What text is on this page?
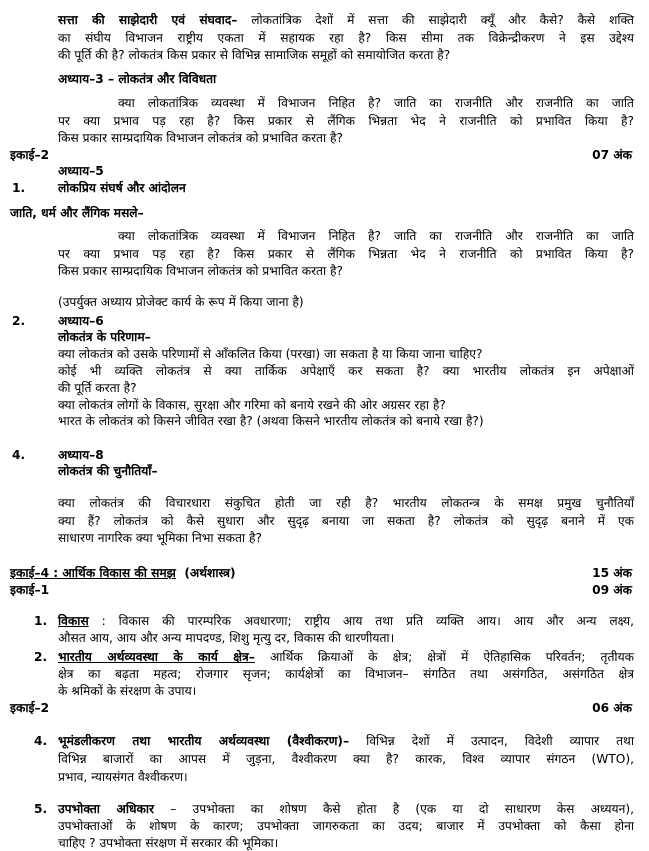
सत्ता की साझेदारी एवं संघवाद– लोकतांत्रिक देशों में सत्ता की साझेदारी क्यूँ और कैसे? कैसे शक्ति
का संघीय विभाजन राष्ट्रीय एकता में सहायक रहा है? किस सीमा तक विक्रेन्द्रीकरण ने इस उद्देश्य
की पूर्ति की है? लोकतंत्र किस प्रकार से विभिन्न सामाजिक समूहों को समायोजित करता है?
अध्याय–3 – लोकतंत्र और विविधता
क्या लोकतांत्रिक व्यवस्था में विभाजन निहित है? जाति का राजनीति और राजनीति का जाति
पर क्या प्रभाव पड़ रहा है? किस प्रकार से लैंगिक भिन्नता भेद ने राजनीति को प्रभावित किया है?
किस प्रकार साम्प्रदायिक विभाजन लोकतंत्र को प्रभावित करता है?
इकाई–2	07 अंक
अध्याय–5
1.	लोकप्रिय संघर्ष और आंदोलन
जाति, धर्म और लैंगिक मसले–
क्या लोकतांत्रिक व्यवस्था में विभाजन निहित है? जाति का राजनीति और राजनीति का जाति
पर क्या प्रभाव पड़ रहा है? किस प्रकार से लैंगिक भिन्नता भेद ने राजनीति को प्रभावित किया है?
किस प्रकार साम्प्रदायिक विभाजन लोकतंत्र को प्रभावित करता है?
(उपर्युक्त अध्याय प्रोजेक्ट कार्य के रूप में किया जाना है)
2.	अध्याय–6
लोकतंत्र के परिणाम–
क्या लोकतंत्र को उसके परिणामों से आँकलित किया (परखा) जा सकता है या किया जाना चाहिए?
कोई भी व्यक्ति लोकतंत्र से क्या तार्किक अपेक्षाएँ कर सकता है? क्या भारतीय लोकतंत्र इन अपेक्षाओं
की पूर्ति करता है?
क्या लोकतंत्र लोगों के विकास, सुरक्षा और गरिमा को बनाये रखने की ओर अग्रसर रहा है?
भारत के लोकतंत्र को किसने जीवित रखा है? (अथवा किसने भारतीय लोकतंत्र को बनाये रखा है?)
4.	अध्याय–8
लोकतंत्र की चुनौतियाँ–
क्या लोकतंत्र की विचारधारा संकुचित होती जा रही है? भारतीय लोकतन्त्र के समक्ष प्रमुख चुनौतियाँ
क्या हैं? लोकतंत्र को कैसे सुधारा और सुदृढ़ बनाया जा सकता है? लोकतंत्र को सुदृढ़ बनाने में एक
साधारण नागरिक क्या भूमिका निभा सकता है?
इकाई–4 : आर्थिक विकास की समझ (अर्थशास्त्र)	15 अंक
इकाई–1	09 अंक
1. विकास : विकास की पारम्परिक अवधारणा; राष्ट्रीय आय तथा प्रति व्यक्ति आय। आय और अन्य लक्ष्य,
औसत आय, आय और अन्य मापदण्ड, शिशु मृत्यु दर, विकास की धारणीयता।
2. भारतीय अर्थव्यवस्था के कार्य क्षेत्र– आर्थिक क्रियाओं के क्षेत्र; क्षेत्रों में ऐतिहासिक परिवर्तन; तृतीयक
क्षेत्र का बढ़ता महत्व; रोजगार सृजन; कार्यक्षेत्रों का विभाजन– संगठित तथा असंगठित, असंगठित क्षेत्र
के श्रमिकों के संरक्षण के उपाय।
इकाई–2	06 अंक
4. भूमंडलीकरण तथा भारतीय अर्थव्यवस्था (वैश्वीकरण)– विभिन्न देशों में उत्पादन, विदेशी व्यापार तथा
विभिन्न बाजारों का आपस में जुड़ना, वैश्वीकरण क्या है? कारक, विश्व व्यापार संगठन (WTO),
प्रभाव, न्यायसंगत वैश्वीकरण।
5. उपभोक्ता अधिकार – उपभोक्ता का शोषण कैसे होता है (एक या दो साधारण केस अध्ययन),
उपभोक्ताओं के शोषण के कारण; उपभोक्ता जागरुकता का उदय; बाजार में उपभोक्ता को कैसा होना
चाहिए ? उपभोक्ता संरक्षण में सरकार की भूमिका।
